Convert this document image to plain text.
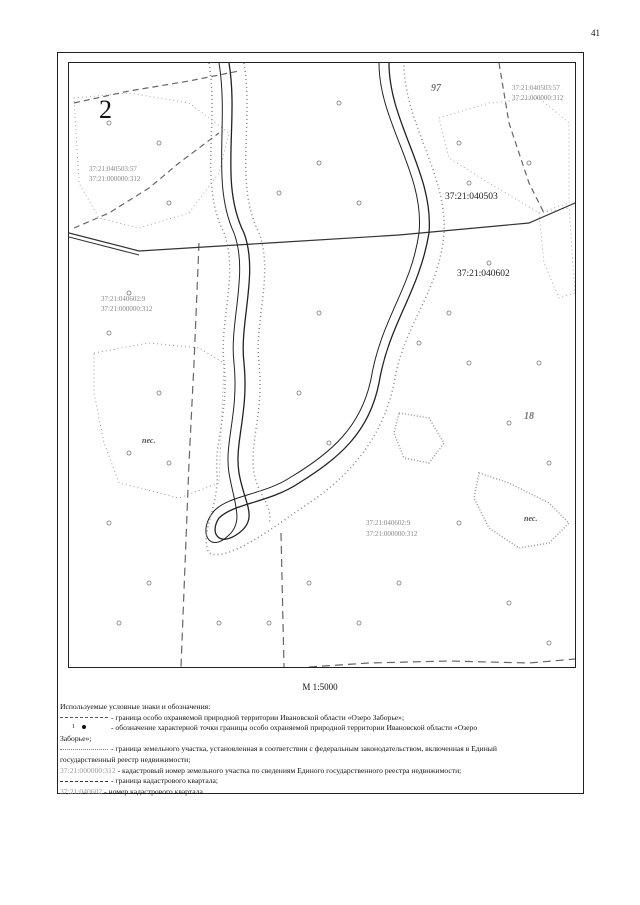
41
2
37:21:040503:57
37:21:000000:312
37:21:040503:57
37:21:000000:312
37:21:040602:9
37:21:000000:312
37:21:040602:9
37:21:000000:312
37:21:040503
37:21:040602
97
18
пес.
пес.
М 1:5000
Используемые условные знаки и обозначения:
- граница особо охраняемой природной территории Ивановской области «Озеро Заборье»;
1	- обозначение характерной точки границы особо охраняемой природной территории Ивановской области «Озеро
Заборье»;
- граница земельного участка, установленная в соответствии с федеральным законодательством, включенная в Единый
государственный реестр недвижимости;
37:21:000000:312 - кадастровый номер земельного участка по сведениям Единого государственного реестра недвижимости;
- граница кадастрового квартала;
37:21:040602 - номер кадастрового квартала
